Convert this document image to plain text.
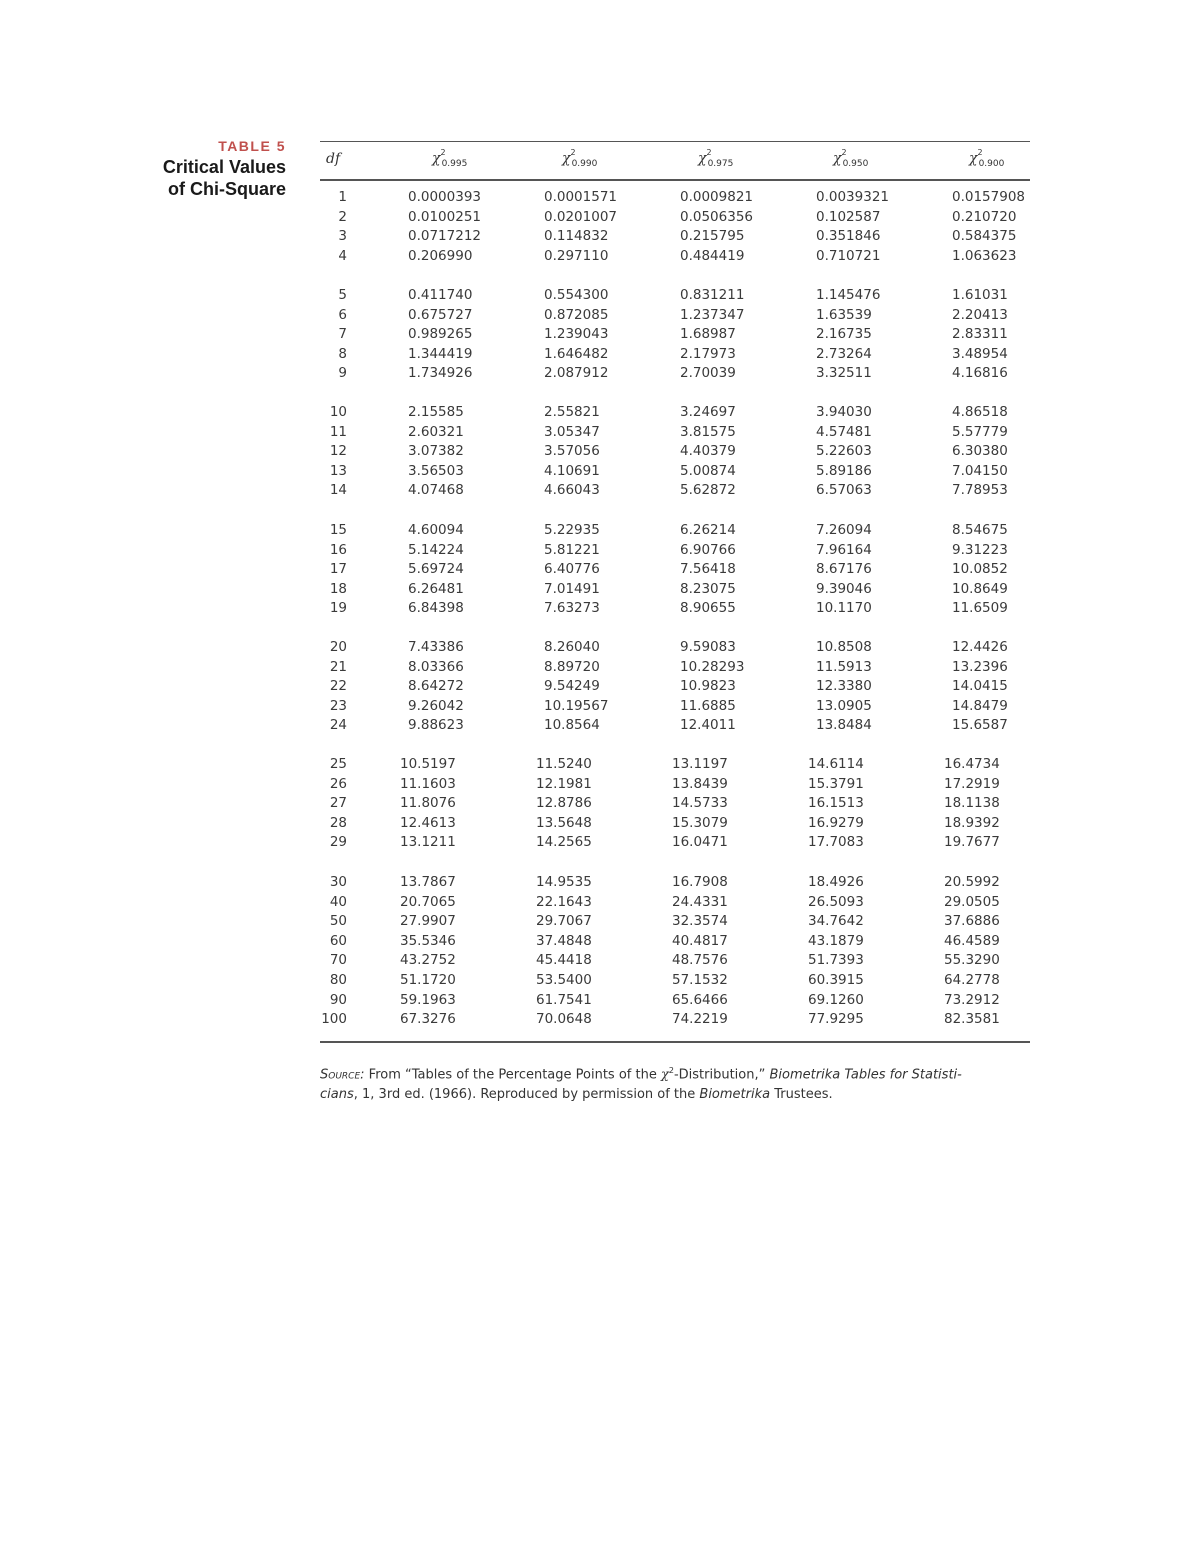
TABLE 5
Critical Values
of Chi-Square
df	$\chi^2_{0.995}$	$\chi^2_{0.990}$	$\chi^2_{0.975}$	$\chi^2_{0.950}$	$\chi^2_{0.900}$
1	0.0000393	0.0001571	0.0009821	0.0039321	0.0157908
2	0.0100251	0.0201007	0.0506356	0.102587	0.210720
3	0.0717212	0.114832	0.215795	0.351846	0.584375
4	0.206990	0.297110	0.484419	0.710721	1.063623
5	0.411740	0.554300	0.831211	1.145476	1.61031
6	0.675727	0.872085	1.237347	1.63539	2.20413
7	0.989265	1.239043	1.68987	2.16735	2.83311
8	1.344419	1.646482	2.17973	2.73264	3.48954
9	1.734926	2.087912	2.70039	3.32511	4.16816
10	2.15585	2.55821	3.24697	3.94030	4.86518
11	2.60321	3.05347	3.81575	4.57481	5.57779
12	3.07382	3.57056	4.40379	5.22603	6.30380
13	3.56503	4.10691	5.00874	5.89186	7.04150
14	4.07468	4.66043	5.62872	6.57063	7.78953
15	4.60094	5.22935	6.26214	7.26094	8.54675
16	5.14224	5.81221	6.90766	7.96164	9.31223
17	5.69724	6.40776	7.56418	8.67176	10.0852
18	6.26481	7.01491	8.23075	9.39046	10.8649
19	6.84398	7.63273	8.90655	10.1170	11.6509
20	7.43386	8.26040	9.59083	10.8508	12.4426
21	8.03366	8.89720	10.28293	11.5913	13.2396
22	8.64272	9.54249	10.9823	12.3380	14.0415
23	9.26042	10.19567	11.6885	13.0905	14.8479
24	9.88623	10.8564	12.4011	13.8484	15.6587
25	10.5197	11.5240	13.1197	14.6114	16.4734
26	11.1603	12.1981	13.8439	15.3791	17.2919
27	11.8076	12.8786	14.5733	16.1513	18.1138
28	12.4613	13.5648	15.3079	16.9279	18.9392
29	13.1211	14.2565	16.0471	17.7083	19.7677
30	13.7867	14.9535	16.7908	18.4926	20.5992
40	20.7065	22.1643	24.4331	26.5093	29.0505
50	27.9907	29.7067	32.3574	34.7642	37.6886
60	35.5346	37.4848	40.4817	43.1879	46.4589
70	43.2752	45.4418	48.7576	51.7393	55.3290
80	51.1720	53.5400	57.1532	60.3915	64.2778
90	59.1963	61.7541	65.6466	69.1260	73.2912
100	67.3276	70.0648	74.2219	77.9295	82.3581
Source: From “Tables of the Percentage Points of the $\chi^2$-Distribution,” Biometrika Tables for Statisti-
cians, 1, 3rd ed. (1966). Reproduced by permission of the Biometrika Trustees.
